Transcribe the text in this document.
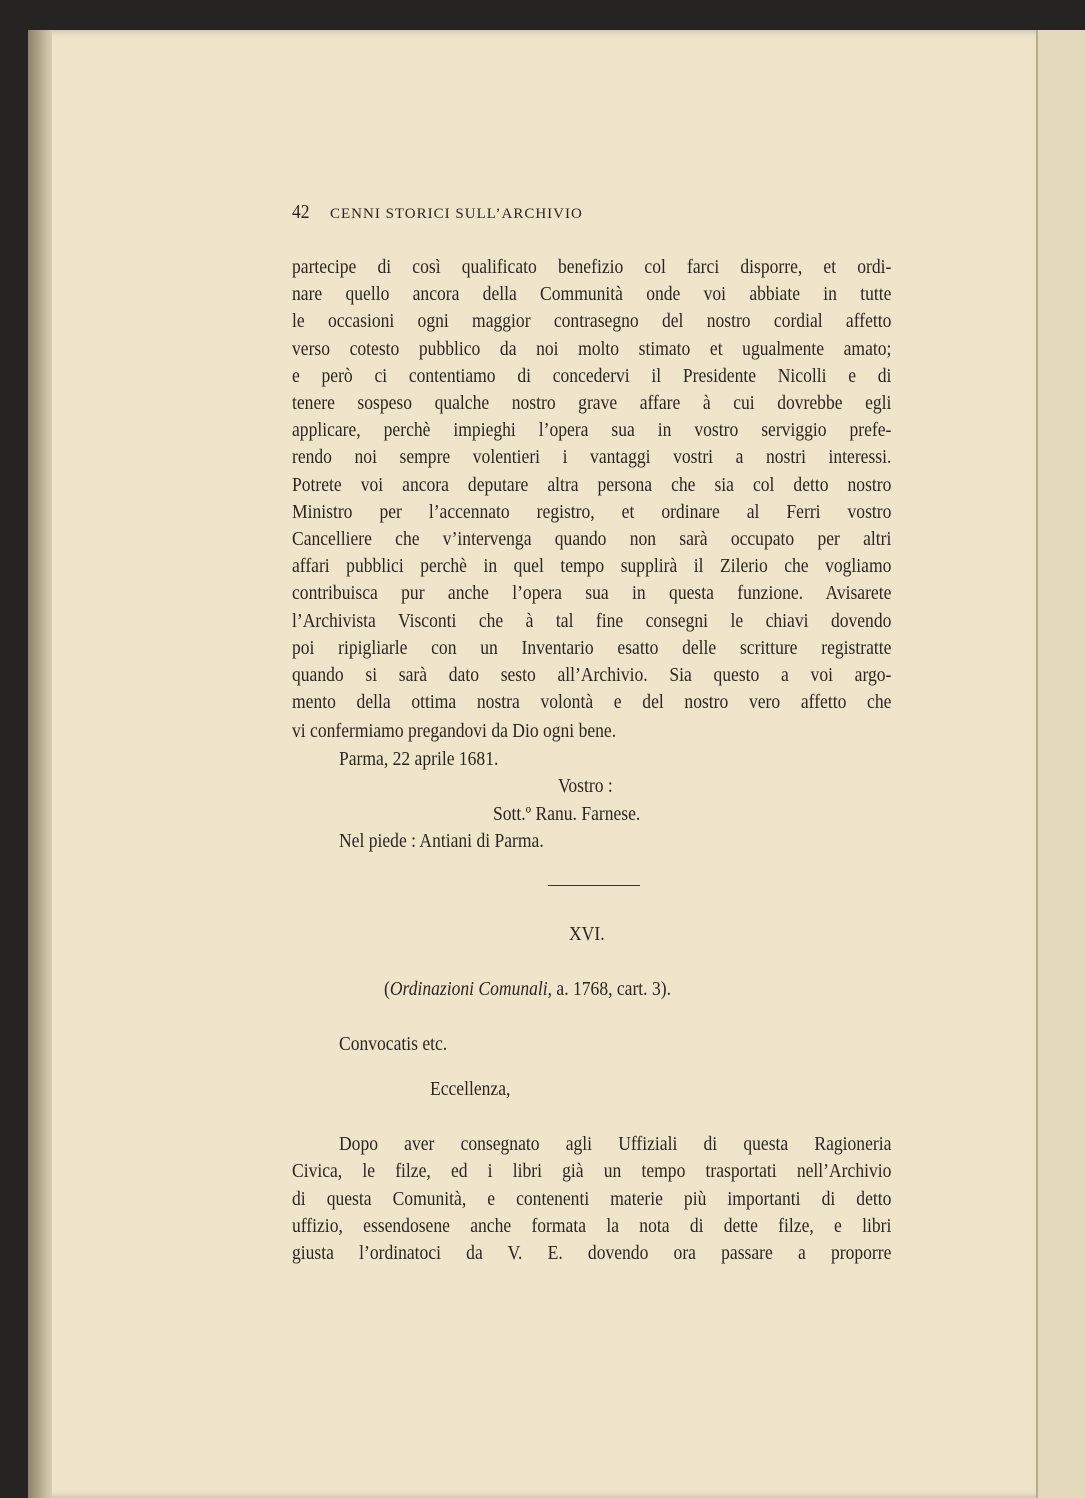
42 CENNI STORICI SULL’ARCHIVIO
partecipe di così qualificato benefizio col farci disporre, et ordi-
nare quello ancora della Communità onde voi abbiate in tutte
le occasioni ogni maggior contrasegno del nostro cordial affetto
verso cotesto pubblico da noi molto stimato et ugualmente amato;
e però ci contentiamo di concedervi il Presidente Nicolli e di
tenere sospeso qualche nostro grave affare à cui dovrebbe egli
applicare, perchè impieghi l’opera sua in vostro serviggio prefe-
rendo noi sempre volentieri i vantaggi vostri a nostri interessi.
Potrete voi ancora deputare altra persona che sia col detto nostro
Ministro per l’accennato registro, et ordinare al Ferri vostro
Cancelliere che v’intervenga quando non sarà occupato per altri
affari pubblici perchè in quel tempo supplirà il Zilerio che vogliamo
contribuisca pur anche l’opera sua in questa funzione. Avisarete
l’Archivista Visconti che à tal fine consegni le chiavi dovendo
poi ripigliarle con un Inventario esatto delle scritture registratte
quando si sarà dato sesto all’Archivio. Sia questo a voi argo-
mento della ottima nostra volontà e del nostro vero affetto che
vi confermiamo pregandovi da Dio ogni bene.
Parma, 22 aprile 1681.
Vostro :
Sott.º Ranu. Farnese.
Nel piede : Antiani di Parma.
XVI.
(Ordinazioni Comunali, a. 1768, cart. 3).
Convocatis etc.
Eccellenza,
Dopo aver consegnato agli Uffiziali di questa Ragioneria
Civica, le filze, ed i libri già un tempo trasportati nell’Archivio
di questa Comunità, e contenenti materie più importanti di detto
uffizio, essendosene anche formata la nota di dette filze, e libri
giusta l’ordinatoci da V. E. dovendo ora passare a proporre
